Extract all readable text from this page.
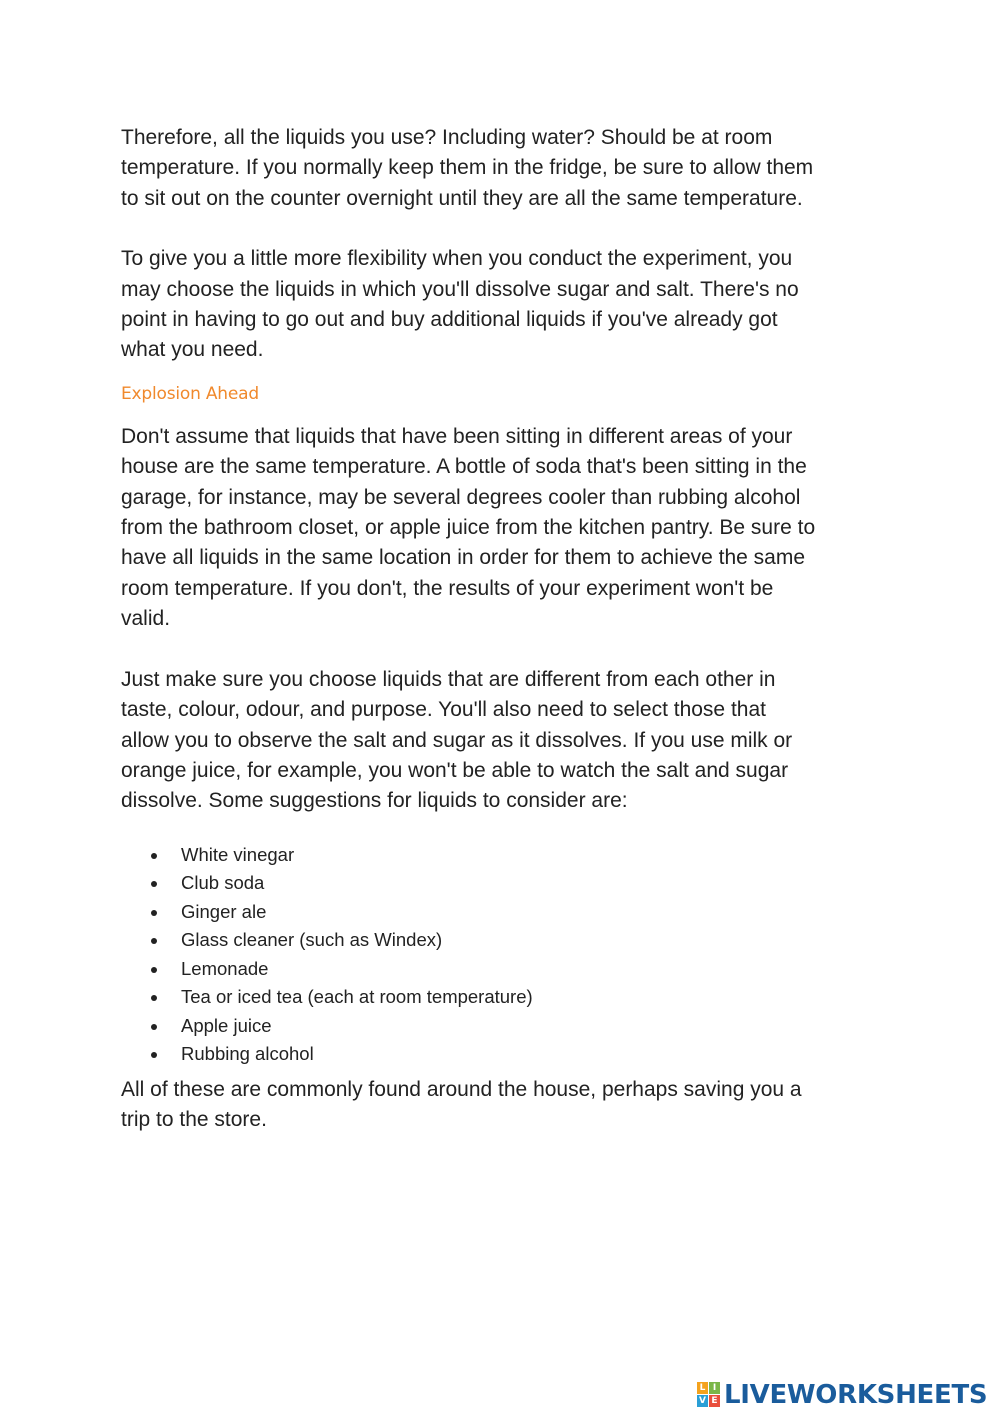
Therefore, all the liquids you use? Including water? Should be at room
temperature. If you normally keep them in the fridge, be sure to allow them
to sit out on the counter overnight until they are all the same temperature.

To give you a little more flexibility when you conduct the experiment, you
may choose the liquids in which you'll dissolve sugar and salt. There's no
point in having to go out and buy additional liquids if you've already got
what you need.

Explosion Ahead

Don't assume that liquids that have been sitting in different areas of your
house are the same temperature. A bottle of soda that's been sitting in the
garage, for instance, may be several degrees cooler than rubbing alcohol
from the bathroom closet, or apple juice from the kitchen pantry. Be sure to
have all liquids in the same location in order for them to achieve the same
room temperature. If you don't, the results of your experiment won't be
valid.

Just make sure you choose liquids that are different from each other in
taste, colour, odour, and purpose. You'll also need to select those that
allow you to observe the salt and sugar as it dissolves. If you use milk or
orange juice, for example, you won't be able to watch the salt and sugar
dissolve. Some suggestions for liquids to consider are:

White vinegar
Club soda
Ginger ale
Glass cleaner (such as Windex)
Lemonade
Tea or iced tea (each at room temperature)
Apple juice
Rubbing alcohol

All of these are commonly found around the house, perhaps saving you a
trip to the store.

L I
V E LIVEWORKSHEETS
